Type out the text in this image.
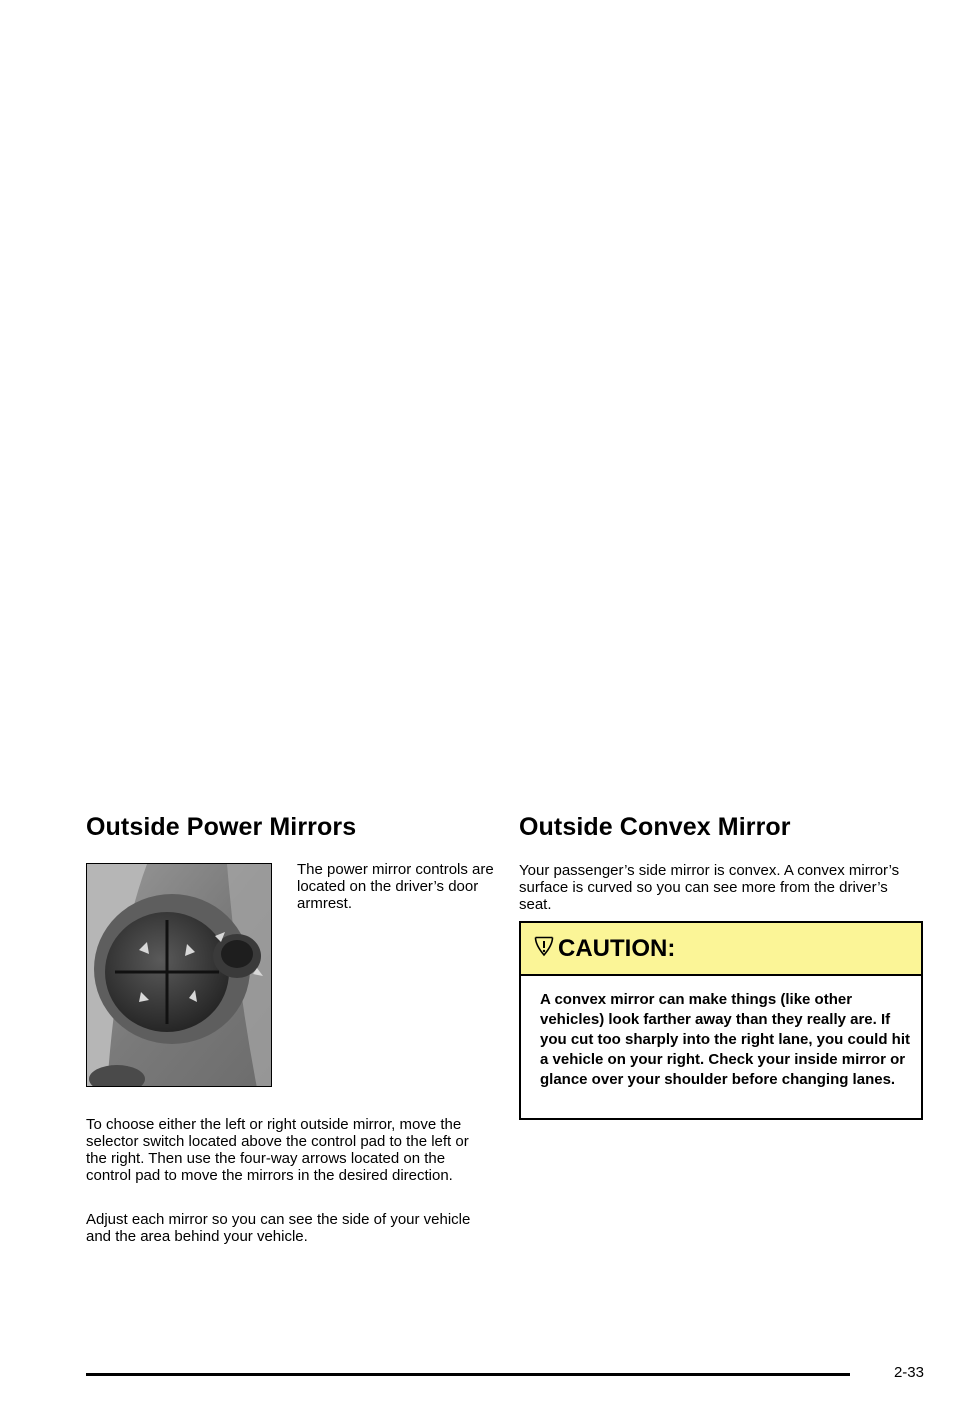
Outside Power Mirrors

The power mirror controls are located on the driver’s door armrest.

To choose either the left or right outside mirror, move the selector switch located above the control pad to the left or the right. Then use the four-way arrows located on the control pad to move the mirrors in the desired direction.

Adjust each mirror so you can see the side of your vehicle and the area behind your vehicle.

Outside Convex Mirror

Your passenger’s side mirror is convex. A convex mirror’s surface is curved so you can see more from the driver’s seat.

CAUTION:

A convex mirror can make things (like other vehicles) look farther away than they really are. If you cut too sharply into the right lane, you could hit a vehicle on your right. Check your inside mirror or glance over your shoulder before changing lanes.

2-33
